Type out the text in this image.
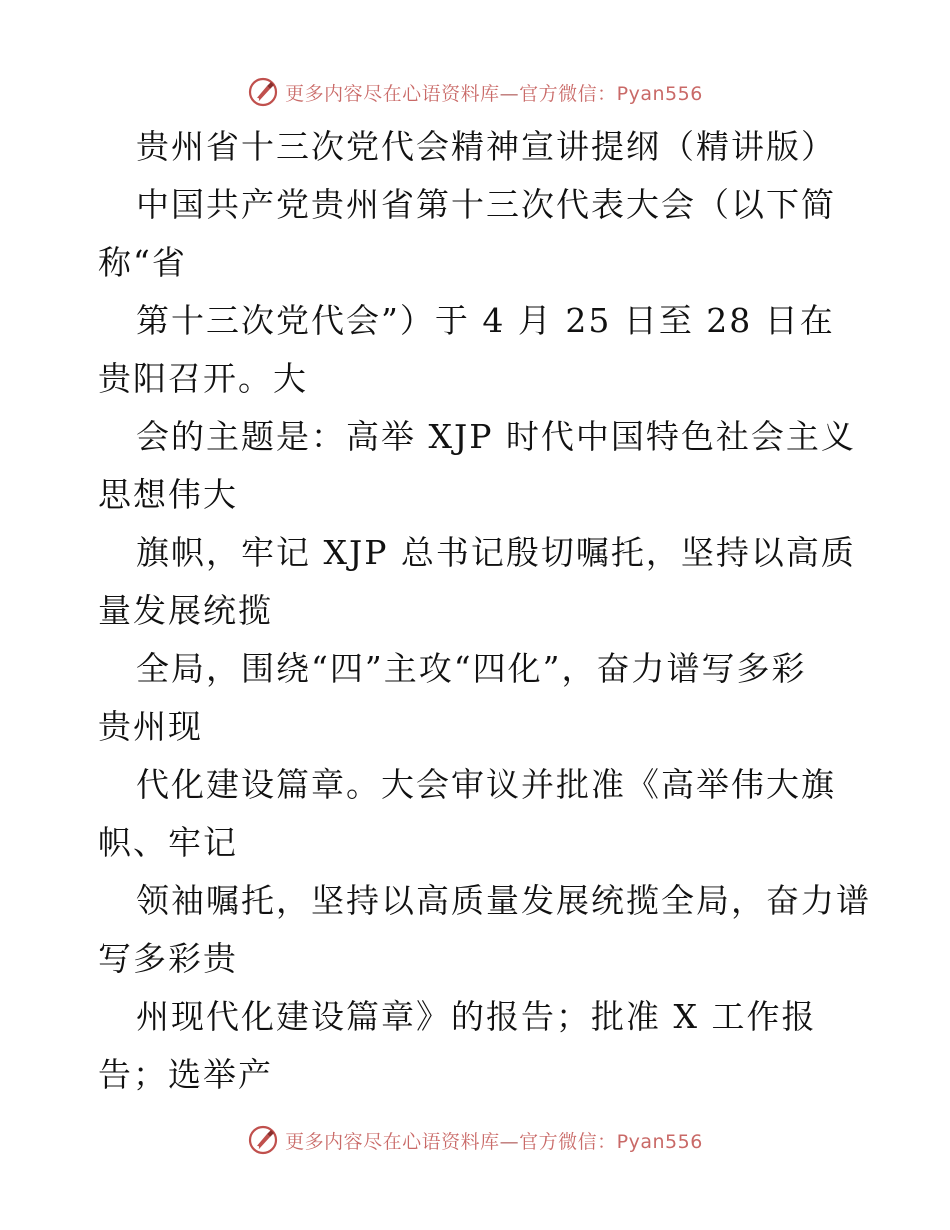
更多内容尽在心语资料库—官方微信：Pyan556
贵州省十三次党代会精神宣讲提纲（精讲版）
中国共产党贵州省第十三次代表大会（以下简
称“省
第十三次党代会”）于 4 月 25 日至 28 日在
贵阳召开。大
会的主题是：高举 XJP 时代中国特色社会主义
思想伟大
旗帜，牢记 XJP 总书记殷切嘱托，坚持以高质
量发展统揽
全局，围绕“四”主攻“四化”，奋力谱写多彩
贵州现
代化建设篇章。大会审议并批准《高举伟大旗
帜、牢记
领袖嘱托，坚持以高质量发展统揽全局，奋力谱
写多彩贵
州现代化建设篇章》的报告；批准 X 工作报
告；选举产
更多内容尽在心语资料库—官方微信：Pyan556
